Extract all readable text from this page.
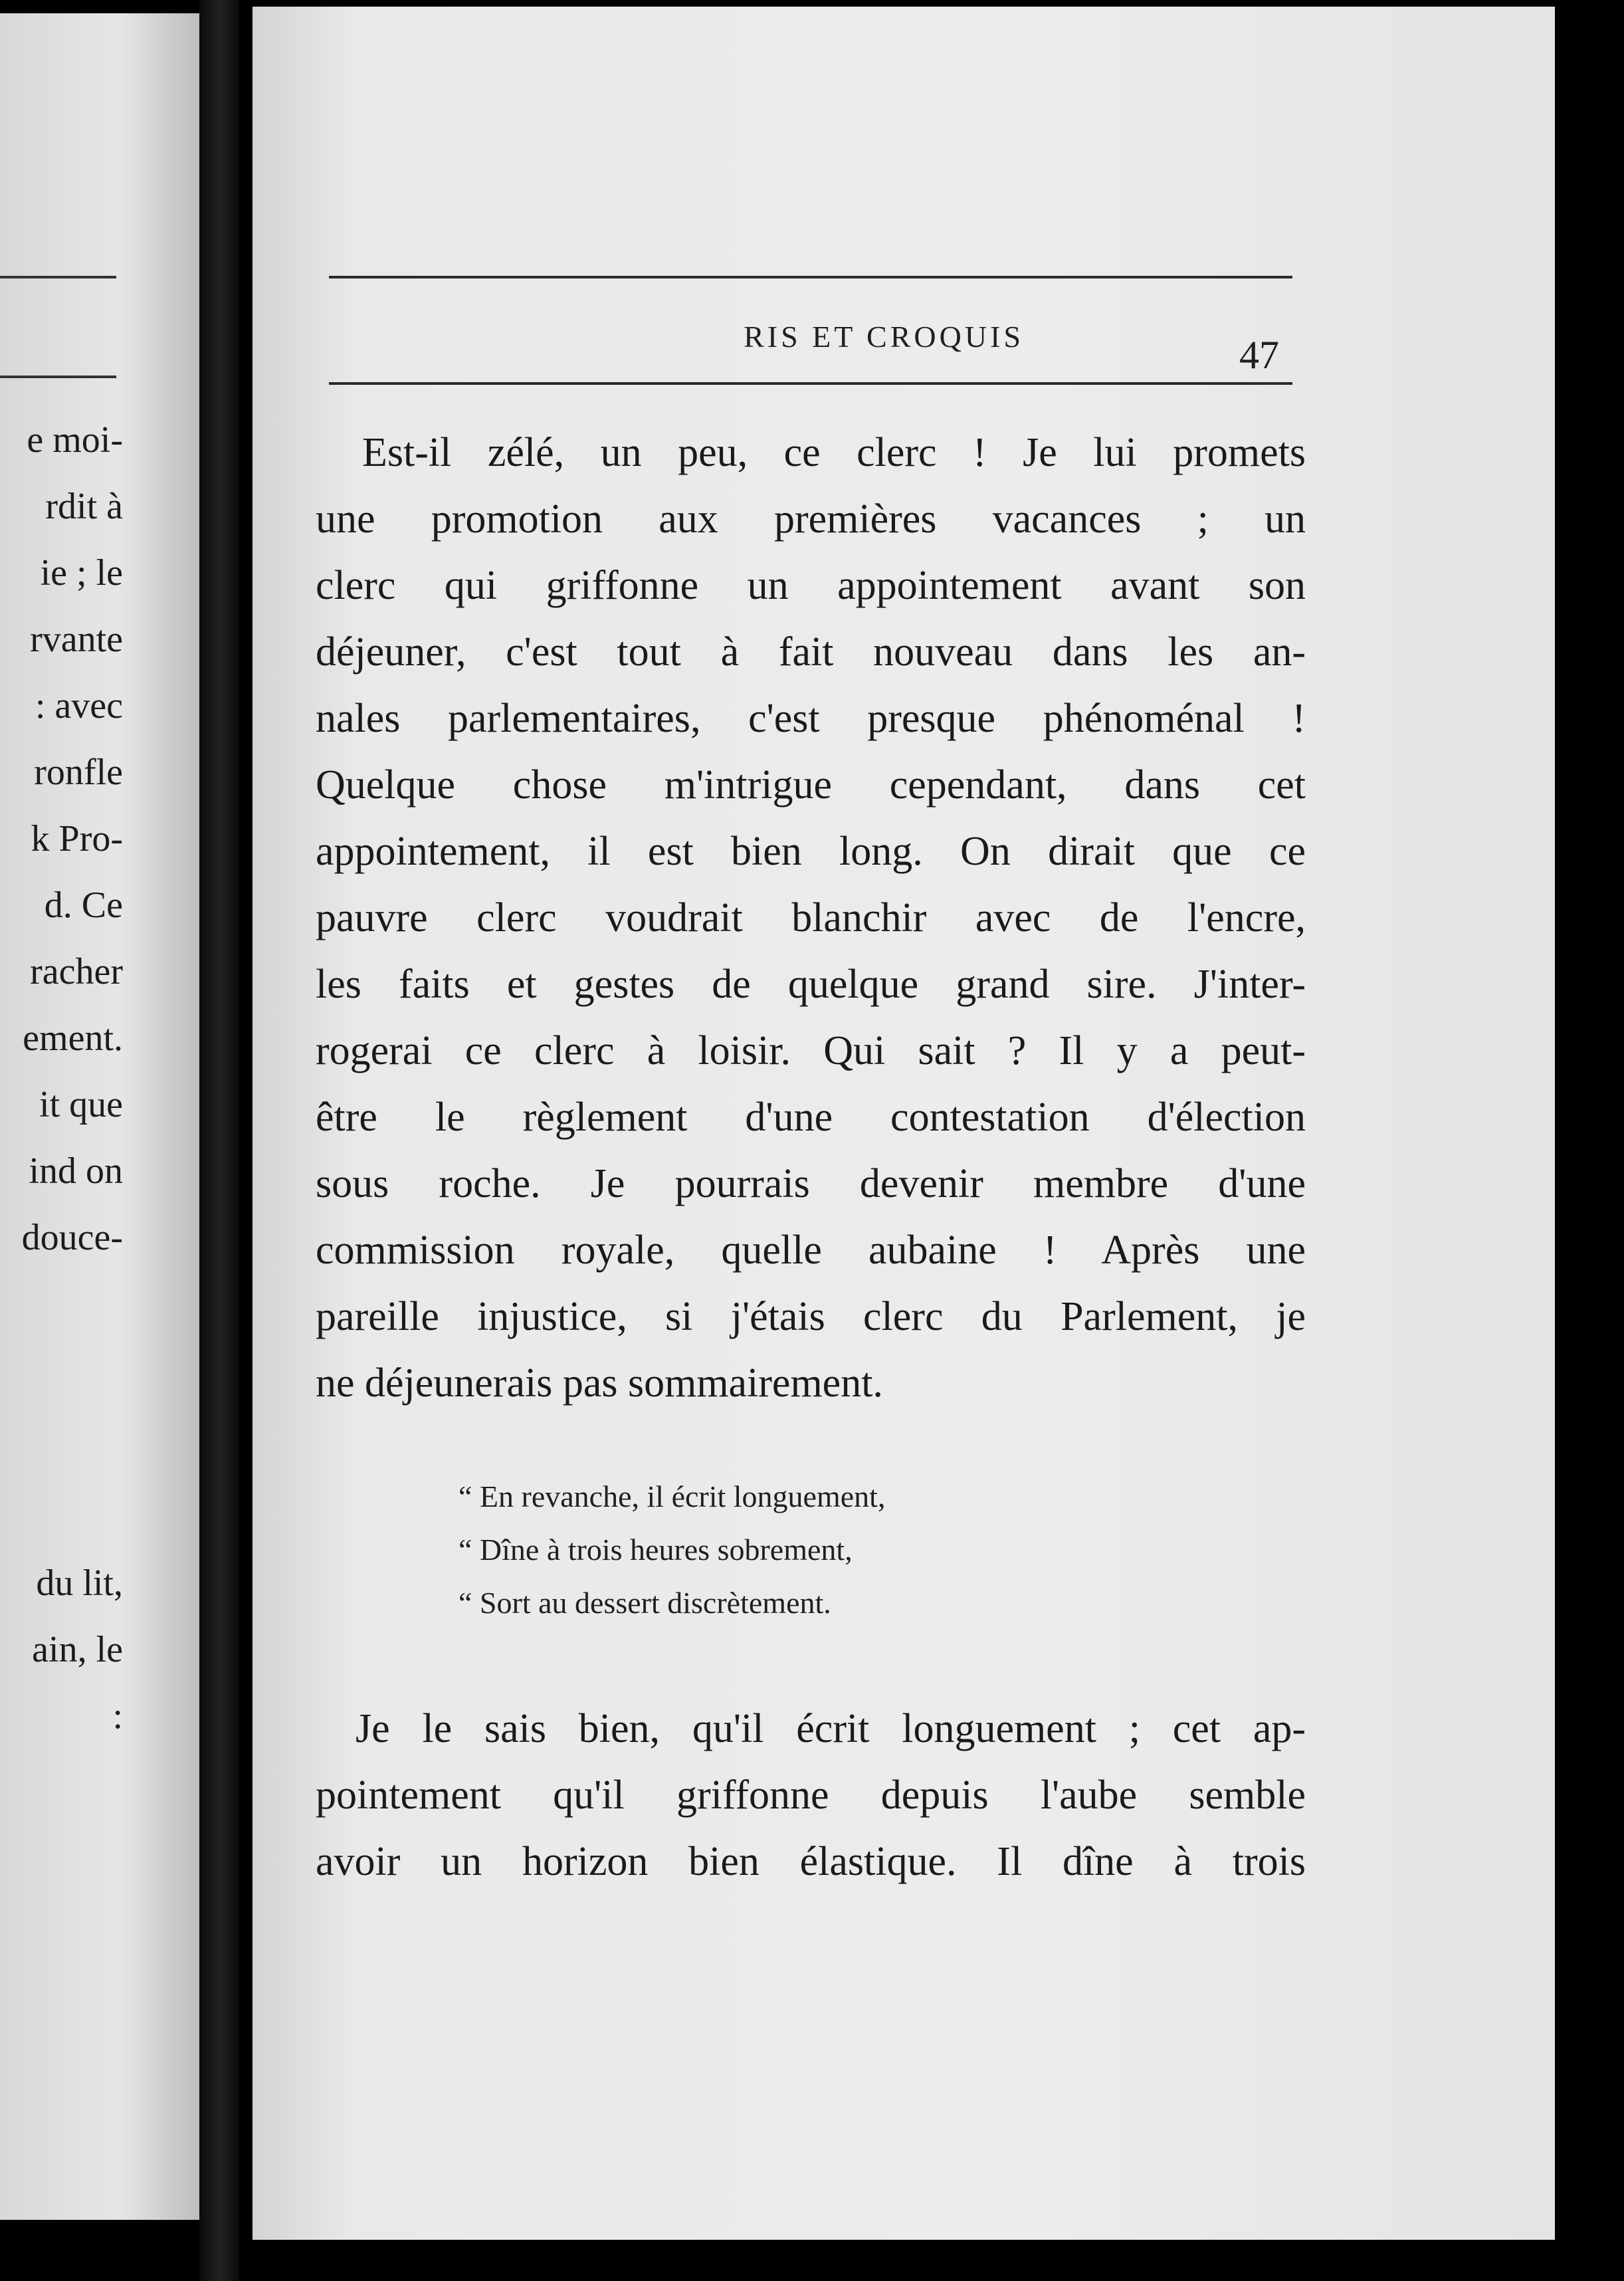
e moi-
rdit à
ie ; le
rvante
: avec
ronfle
k Pro-
d. Ce
racher
ement.
it que
ind on
douce-
du lit,
ain, le
:
RIS ET CROQUIS	47
Est-il zélé, un peu, ce clerc ! Je lui promets
une promotion aux premières vacances ; un
clerc qui griffonne un appointement avant son
déjeuner, c'est tout à fait nouveau dans les an-
nales parlementaires, c'est presque phénoménal !
Quelque chose m'intrigue cependant, dans cet
appointement, il est bien long. On dirait que ce
pauvre clerc voudrait blanchir avec de l'encre,
les faits et gestes de quelque grand sire. J'inter-
rogerai ce clerc à loisir. Qui sait ? Il y a peut-
être le règlement d'une contestation d'élection
sous roche. Je pourrais devenir membre d'une
commission royale, quelle aubaine ! Après une
pareille injustice, si j'étais clerc du Parlement, je
ne déjeunerais pas sommairement.
“ En revanche, il écrit longuement,
“ Dîne à trois heures sobrement,
“ Sort au dessert discrètement.
Je le sais bien, qu'il écrit longuement ; cet ap-
pointement qu'il griffonne depuis l'aube semble
avoir un horizon bien élastique. Il dîne à trois
